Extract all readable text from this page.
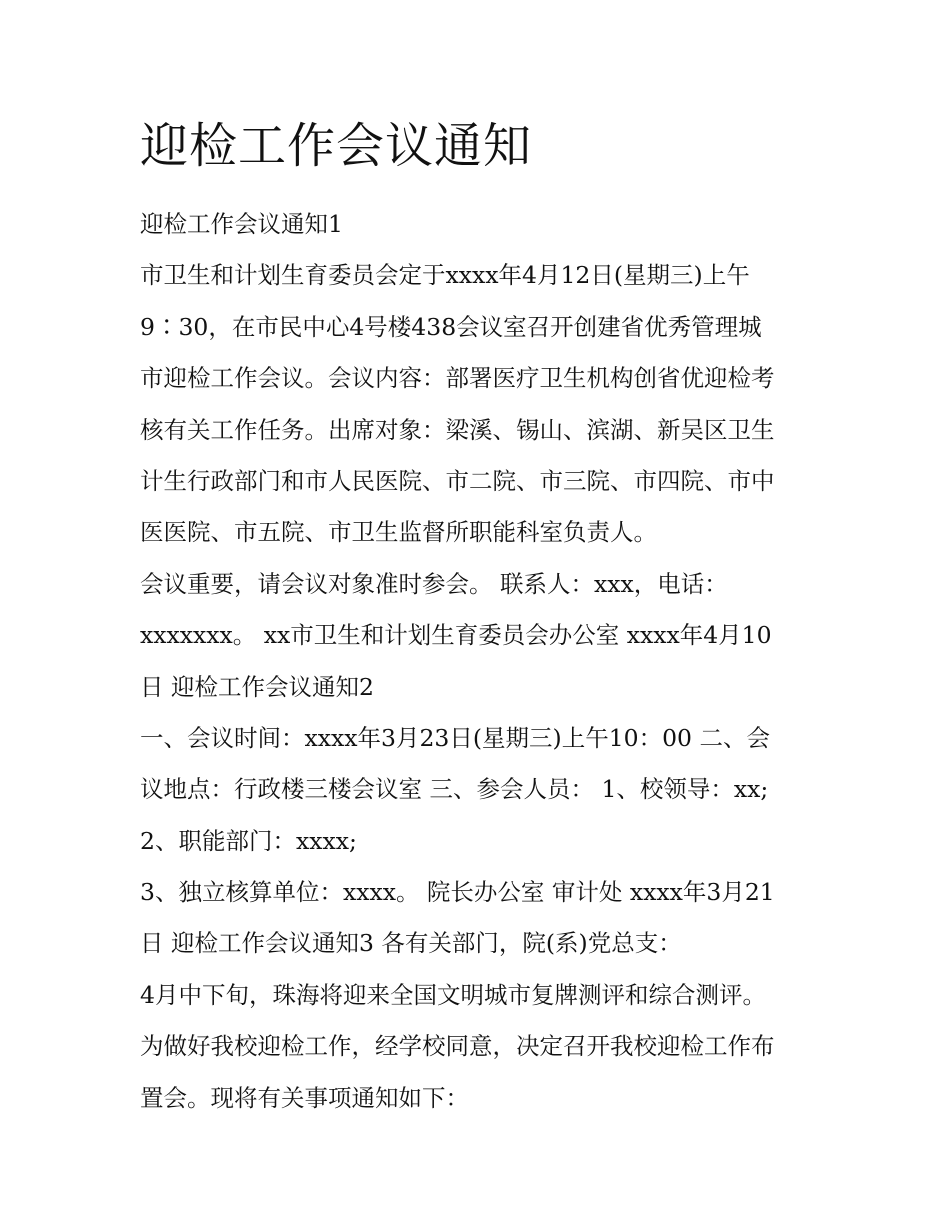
迎检工作会议通知
迎检工作会议通知1
市卫生和计划生育委员会定于xxxx年4月12日(星期三)上午
9∶30，在市民中心4号楼438会议室召开创建省优秀管理城
市迎检工作会议。会议内容：部署医疗卫生机构创省优迎检考
核有关工作任务。出席对象：梁溪、锡山、滨湖、新吴区卫生
计生行政部门和市人民医院、市二院、市三院、市四院、市中
医医院、市五院、市卫生监督所职能科室负责人。
会议重要，请会议对象准时参会。 联系人：xxx，电话：
xxxxxxx。 xx市卫生和计划生育委员会办公室 xxxx年4月10
日 迎检工作会议通知2
一、会议时间：xxxx年3月23日(星期三)上午10：00 二、会
议地点：行政楼三楼会议室 三、参会人员： 1、校领导：xx;
2、职能部门：xxxx;
3、独立核算单位：xxxx。 院长办公室 审计处 xxxx年3月21
日 迎检工作会议通知3 各有关部门，院(系)党总支：
4月中下旬，珠海将迎来全国文明城市复牌测评和综合测评。
为做好我校迎检工作，经学校同意，决定召开我校迎检工作布
置会。现将有关事项通知如下：
